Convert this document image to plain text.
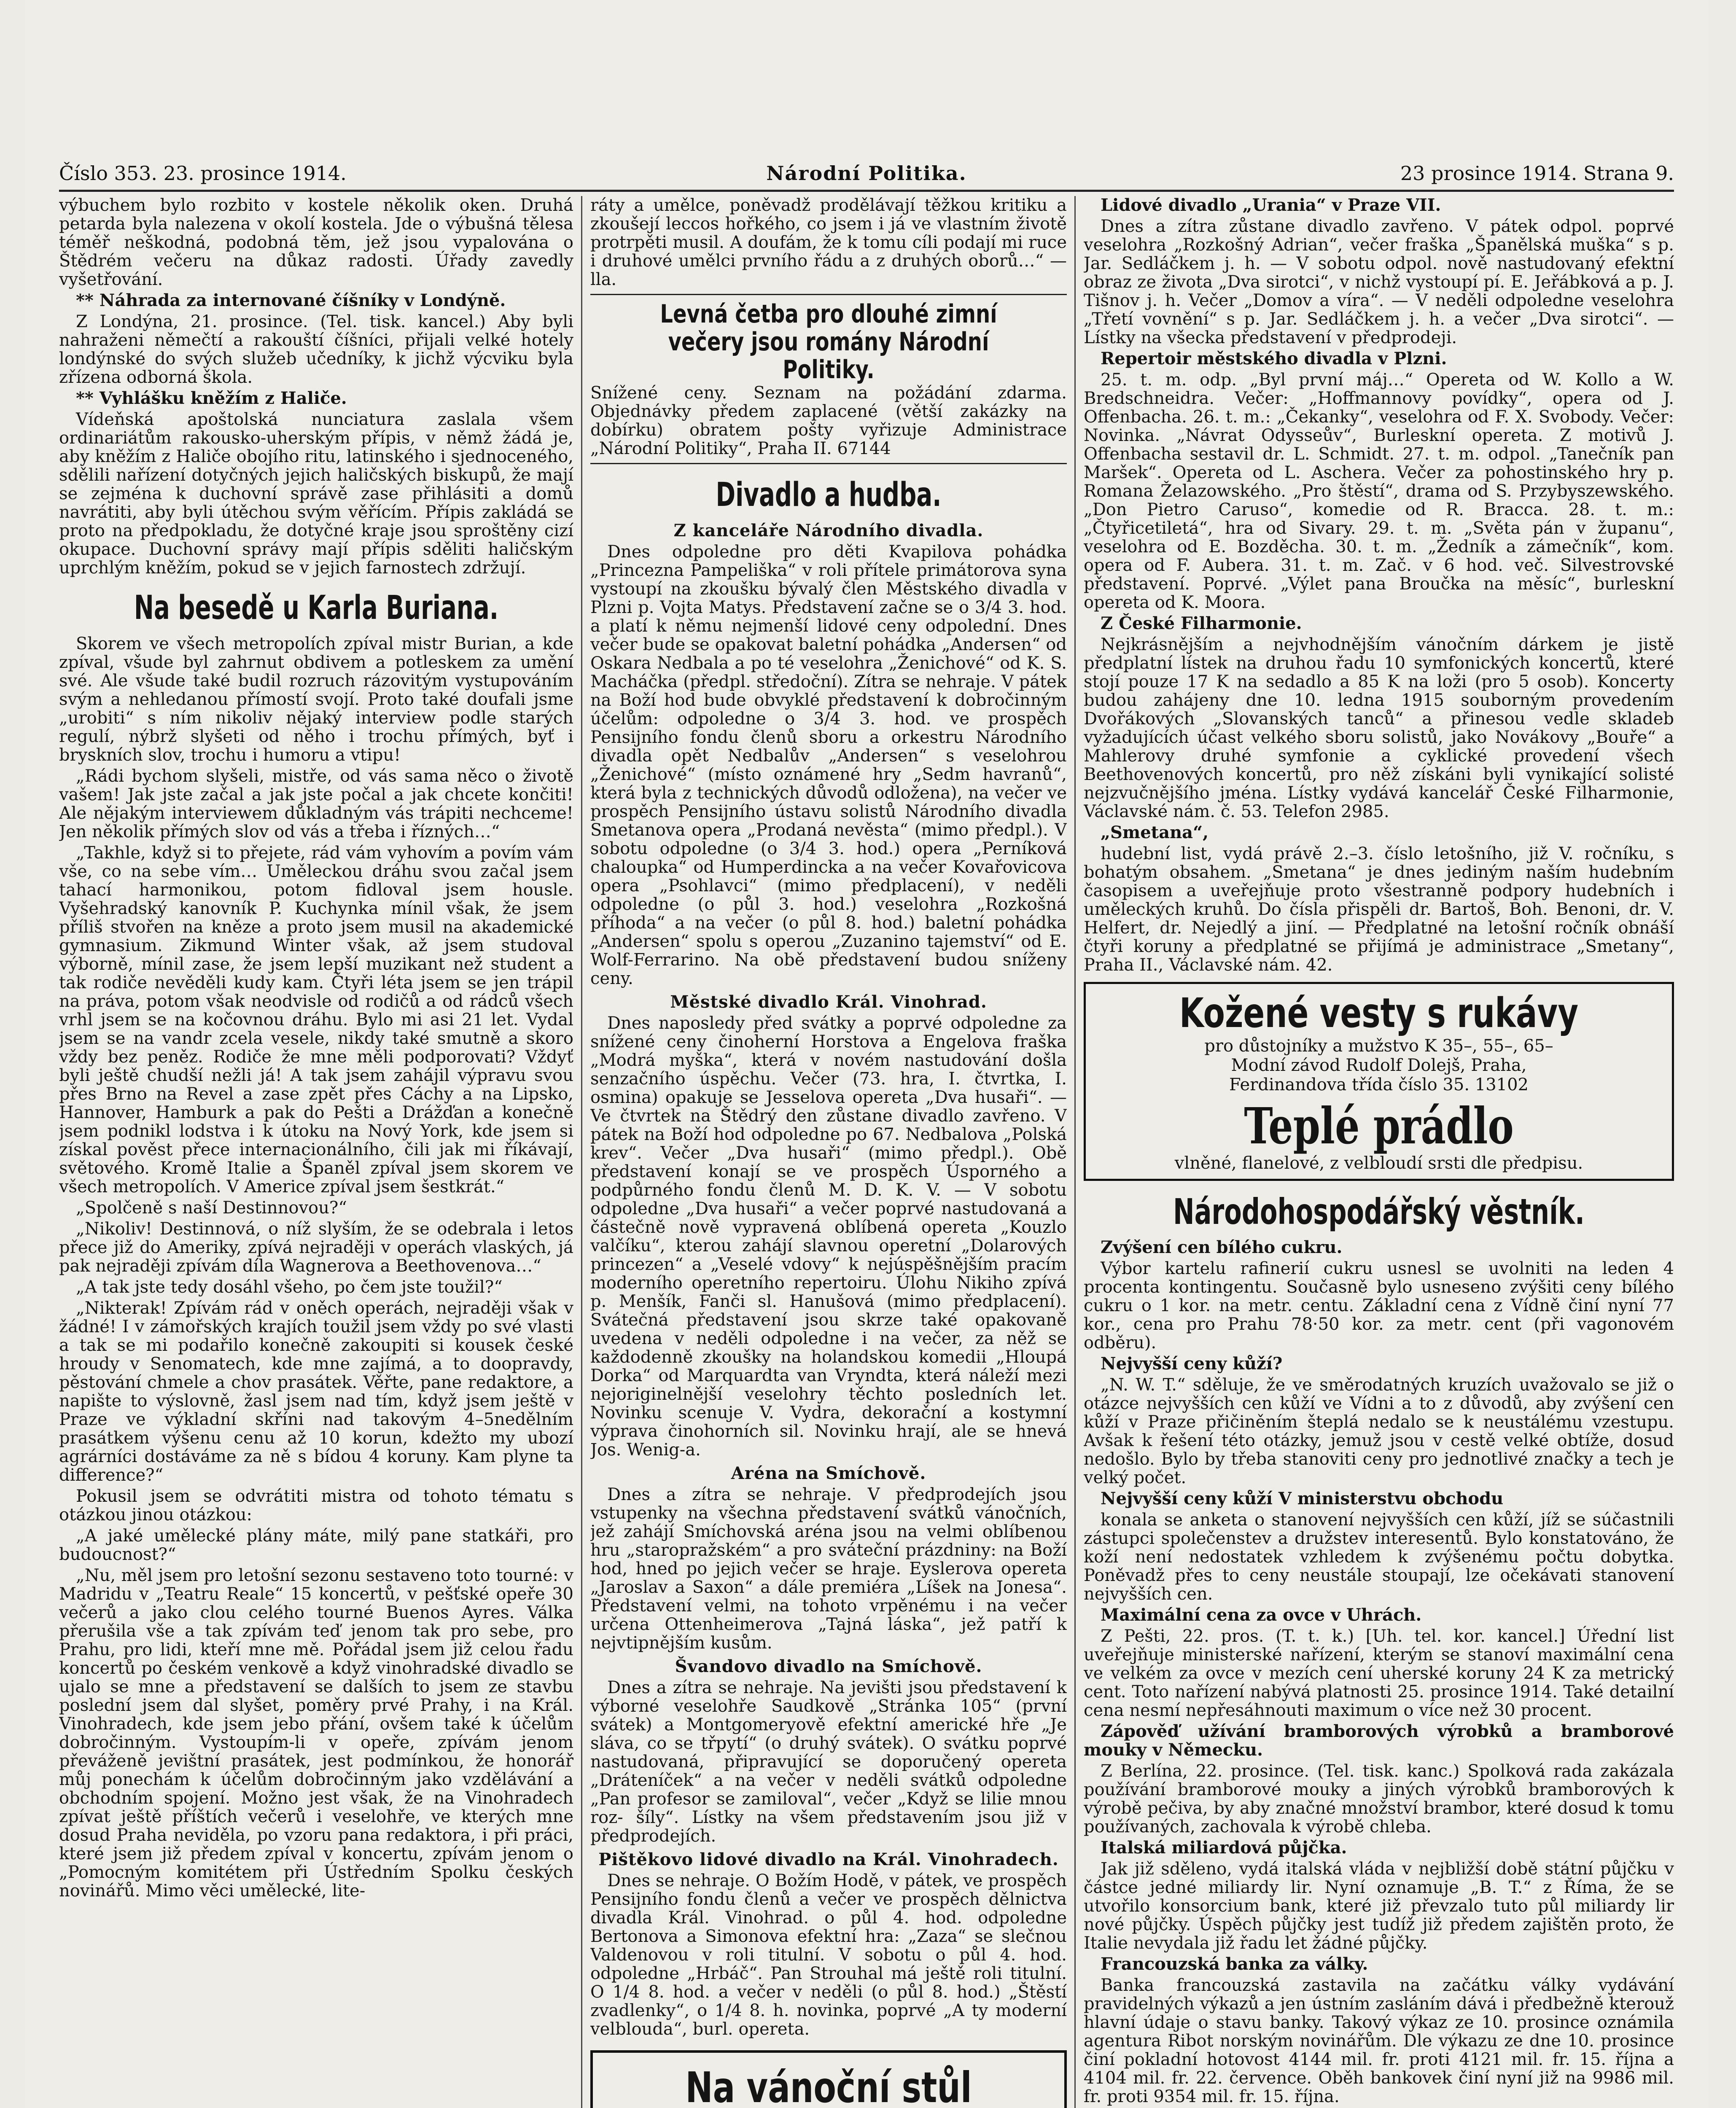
Číslo 353. 23. prosince 1914.	Národní Politika.	23 prosince 1914. Strana 9.

výbuchem bylo rozbito v kostele několik oken. Druhá petarda byla nalezena v okolí kostela. Jde o výbušná tělesa téměř neškodná, podobná těm, jež jsou vypalována o Štědrém večeru na důkaz radosti. Úřady zavedly vyšetřování.

** Náhrada za internované číšníky v Londýně.

Z Londýna, 21. prosince. (Tel. tisk. kancel.) Aby byli nahraženi němečtí a rakouští číšníci, přijali velké hotely londýnské do svých služeb učedníky, k jichž výcviku byla zřízena odborná škola.

** Vyhlášku kněžím z Haliče.

Vídeňská apoštolská nunciatura zaslala všem ordinariátům rakousko-uherským přípis, v němž žádá je, aby kněžím z Haliče obojího ritu, latinského i sjednoceného, sdělili nařízení dotyčných jejich haličských biskupů, že mají se zejména k duchovní správě zase přihlásiti a domů navrátiti, aby byli útěchou svým věřícím. Přípis zakládá se proto na předpokladu, že dotyčné kraje jsou sproštěny cizí okupace. Duchovní správy mají přípis sděliti haličským uprchlým kněžím, pokud se v jejich farnostech zdržují.

Na besedě u Karla Buriana.

Skorem ve všech metropolích zpíval mistr Burian, a kde zpíval, všude byl zahrnut obdivem a potleskem za umění své. Ale všude také budil rozruch rázovitým vystupováním svým a nehledanou přímostí svojí. Proto také doufali jsme „urobiti“ s ním nikoliv nějaký interview podle starých regulí, nýbrž slyšeti od něho i trochu přímých, byť i bryskních slov, trochu i humoru a vtipu!

„Rádi bychom slyšeli, mistře, od vás sama něco o životě vašem! Jak jste začal a jak jste počal a jak chcete končiti! Ale nějakým interviewem důkladným vás trápiti nechceme! Jen několik přímých slov od vás a třeba i řízných…“

„Takhle, když si to přejete, rád vám vyhovím a povím vám vše, co na sebe vím… Uměleckou dráhu svou začal jsem tahací harmonikou, potom fidloval jsem housle. Vyšehradský kanovník P. Kuchynka mínil však, že jsem příliš stvořen na kněze a proto jsem musil na akademické gymnasium. Zikmund Winter však, až jsem studoval výborně, mínil zase, že jsem lepší muzikant než student a tak rodiče nevěděli kudy kam. Čtyři léta jsem se jen trápil na práva, potom však neodvisle od rodičů a od rádců všech vrhl jsem se na kočovnou dráhu. Bylo mi asi 21 let. Vydal jsem se na vandr zcela vesele, nikdy také smutně a skoro vždy bez peněz. Rodiče že mne měli podporovati? Vždyť byli ještě chudší nežli já! A tak jsem zahájil výpravu svou přes Brno na Revel a zase zpět přes Cáchy a na Lipsko, Hannover, Hamburk a pak do Pešti a Drážďan a konečně jsem podnikl lodstva i k útoku na Nový York, kde jsem si získal pověst přece internacionálního, čili jak mi říkávají, světového. Kromě Italie a Španěl zpíval jsem skorem ve všech metropolích. V Americe zpíval jsem šestkrát.“

„Spolčeně s naší Destinnovou?“

„Nikoliv! Destinnová, o níž slyším, že se odebrala i letos přece již do Ameriky, zpívá nejraději v operách vlaských, já pak nejraději zpívám díla Wagnerova a Beethovenova…“

„A tak jste tedy dosáhl všeho, po čem jste toužil?“

„Nikterak! Zpívám rád v oněch operách, nejraději však v žádné! I v zámořských krajích toužil jsem vždy po své vlasti a tak se mi podařilo konečně zakoupiti si kousek české hroudy v Senomatech, kde mne zajímá, a to doopravdy, pěstování chmele a chov prasátek. Věřte, pane redaktore, a napište to výslovně, žasl jsem nad tím, když jsem ještě v Praze ve výkladní skříni nad takovým 4–5nedělním prasátkem výšenu cenu až 10 korun, kdežto my ubozí agrárníci dostáváme za ně s bídou 4 koruny. Kam plyne ta difference?“

Pokusil jsem se odvrátiti mistra od tohoto tématu s otázkou jinou otázkou:

„A jaké umělecké plány máte, milý pane statkáři, pro budoucnost?“

„Nu, měl jsem pro letošní sezonu sestaveno toto tourné: v Madridu v „Teatru Reale“ 15 koncertů, v pešťské opeře 30 večerů a jako clou celého tourné Buenos Ayres. Válka přerušila vše a tak zpívám teď jenom tak pro sebe, pro Prahu, pro lidi, kteří mne mě. Pořádal jsem již celou řadu koncertů po českém venkově a když vinohradské divadlo se ujalo se mne a představení se dalších to jsem ze stavbu poslední jsem dal slyšet, poměry prvé Prahy, i na Král. Vinohradech, kde jsem jebo přání, ovšem také k účelům dobročinným. Vystoupím-li v opeře, zpívám jenom převáženě jevištní prasátek, jest podmínkou, že honorář můj ponechám k účelům dobročinným jako vzdělávání a obchodním spojení. Možno jest však, že na Vinohradech zpívat ještě příštích večerů i veselohře, ve kterých mne dosud Praha neviděla, po vzoru pana redaktora, i při práci, které jsem již předem zpíval v koncertu, zpívám jenom o „Pomocným komitétem při Ústředním Spolku českých novinářů. Mimo věci umělecké, lite-

ráty a umělce, poněvadž prodělávají těžkou kritiku a zkoušejí leccos hořkého, co jsem i já ve vlastním životě protrpěti musil. A doufám, že k tomu cíli podají mi ruce i druhové umělci prvního řádu a z druhých oborů…“ —lla.

Levná četba pro dlouhé zimní večery jsou romány Národní Politiky.

Snížené ceny. Seznam na požádání zdarma. Objednávky předem zaplacené (větší zakázky na dobírku) obratem pošty vyřizuje Administrace „Národní Politiky“, Praha II. 67144

Divadlo a hudba.
Z kanceláře Národního divadla.

Dnes odpoledne pro děti Kvapilova pohádka „Princezna Pampeliška“ v roli přítele primátorova syna vystoupí na zkoušku bývalý člen Městského divadla v Plzni p. Vojta Matys. Představení začne se o 3/4 3. hod. a platí k němu nejmenší lidové ceny odpolední. Dnes večer bude se opakovat baletní pohádka „Andersen“ od Oskara Nedbala a po té veselohra „Ženichové“ od K. S. Macháčka (předpl. středoční). Zítra se nehraje. V pátek na Boží hod bude obvyklé představení k dobročinným účelům: odpoledne o 3/4 3. hod. ve prospěch Pensijního fondu členů sboru a orkestru Národního divadla opět Nedbalův „Andersen“ s veselohrou „Ženichové“ (místo oznámené hry „Sedm havranů“, která byla z technických důvodů odložena), na večer ve prospěch Pensijního ústavu solistů Národního divadla Smetanova opera „Prodaná nevěsta“ (mimo předpl.). V sobotu odpoledne (o 3/4 3. hod.) opera „Perníková chaloupka“ od Humperdincka a na večer Kovařovicova opera „Psohlavci“ (mimo předplacení), v neděli odpoledne (o půl 3. hod.) veselohra „Rozkošná příhoda“ a na večer (o půl 8. hod.) baletní pohádka „Andersen“ spolu s operou „Zuzanino tajemství“ od E. Wolf-Ferrarino. Na obě představení budou sníženy ceny.

Městské divadlo Král. Vinohrad.

Dnes naposledy před svátky a poprvé odpoledne za snížené ceny činoherní Horstova a Engelova fraška „Modrá myška“, která v novém nastudování došla senzačního úspěchu. Večer (73. hra, I. čtvrtka, I. osmina) opakuje se Jesselova opereta „Dva husaři“. — Ve čtvrtek na Štědrý den zůstane divadlo zavřeno. V pátek na Boží hod odpoledne po 67. Nedbalova „Polská krev“. Večer „Dva husaři“ (mimo předpl.). Obě představení konají se ve prospěch Úsporného a podpůrného fondu členů M. D. K. V. — V sobotu odpoledne „Dva husaři“ a večer poprvé nastudovaná a částečně nově vypravená oblíbená opereta „Kouzlo valčíku“, kterou zahájí slavnou operetní „Dolarových princezen“ a „Veselé vdovy“ k nejúspěšnějším pracím moderního operetního repertoiru. Úlohu Nikiho zpívá p. Menšík, Fanči sl. Hanušová (mimo předplacení). Svátečná představení jsou skrze také opakovaně uvedena v neděli odpoledne i na večer, za něž se každodenně zkoušky na holandskou komedii „Hloupá Dorka“ od Marquardta van Vryndta, která náleží mezi nejoriginelnější veselohry těchto posledních let. Novinku scenuje V. Vydra, dekorační a kostymní výprava činohorních sil. Novinku hrají, ale se hnevá Jos. Wenig-a.

Aréna na Smíchově.

Dnes a zítra se nehraje. V předprodejích jsou vstupenky na všechna představení svátků vánočních, jež zahájí Smíchovská aréna jsou na velmi oblíbenou hru „staropražském“ a pro sváteční prázdniny: na Boží hod, hned po jejich večer se hraje. Eyslerova opereta „Jaroslav a Saxon“ a dále premiéra „Líšek na Jonesa“. Představení velmi, na tohoto vrpěnému i na večer určena Ottenheimerova „Tajná láska“, jež patří k nejvtipnějším kusům.

Švandovo divadlo na Smíchově.

Dnes a zítra se nehraje. Na jevišti jsou představení k výborné veselohře Saudkově „Stránka 105“ (první svátek) a Montgomeryově efektní americké hře „Je sláva, co se třpytí“ (o druhý svátek). O svátku poprvé nastudovaná, připravující se doporučený opereta „Dráteníček“ a na večer v neděli svátků odpoledne „Pan profesor se zamiloval“, večer „Když se lilie mnou roz- šíly“. Lístky na všem představením jsou již v předprodejích.

Pištěkovo lidové divadlo na Král. Vinohradech.

Dnes se nehraje. O Božím Hodě, v pátek, ve prospěch Pensijního fondu členů a večer ve prospěch dělnictva divadla Král. Vinohrad. o půl 4. hod. odpoledne Bertonova a Simonova efektní hra: „Zaza“ se slečnou Valdenovou v roli titulní. V sobotu o půl 4. hod. odpoledne „Hrbáč“. Pan Strouhal má ještě roli titulní. O 1/4 8. hod. a večer v neděli (o půl 8. hod.) „Štěstí zvadlenky“, o 1/4 8. h. novinka, poprvé „A ty moderní velblouda“, burl. opereta.

Na vánoční stůl

Lidové divadlo „Urania“ v Praze VII.

Dnes a zítra zůstane divadlo zavřeno. V pátek odpol. poprvé veselohra „Rozkošný Adrian“, večer fraška „Španělská muška“ s p. Jar. Sedláčkem j. h. — V sobotu odpol. nově nastudovaný efektní obraz ze života „Dva sirotci“, v nichž vystoupí pí. E. Jeřábková a p. J. Tišnov j. h. Večer „Domov a víra“. — V neděli odpoledne veselohra „Třetí vovnění“ s p. Jar. Sedláčkem j. h. a večer „Dva sirotci“. — Lístky na všecka představení v předprodeji.

Repertoir městského divadla v Plzni.

25. t. m. odp. „Byl první máj…“ Opereta od W. Kollo a W. Bredschneidra. Večer: „Hoffmannovy povídky“, opera od J. Offenbacha. 26. t. m.: „Čekanky“, veselohra od F. X. Svobody. Večer: Novinka. „Návrat Odysseův“, Burleskní opereta. Z motivů J. Offenbacha sestavil dr. L. Schmidt. 27. t. m. odpol. „Tanečník pan Maršek“. Opereta od L. Aschera. Večer za pohostinského hry p. Romana Želazowského. „Pro štěstí“, drama od S. Przybyszewského. „Don Pietro Caruso“, komedie od R. Bracca. 28. t. m.: „Čtyřicetiletá“, hra od Sivary. 29. t. m. „Světa pán v županu“, veselohra od E. Bozděcha. 30. t. m. „Žedník a zámečník“, kom. opera od F. Aubera. 31. t. m. Zač. v 6 hod. več. Silvestrovské představení. Poprvé. „Výlet pana Broučka na měsíc“, burleskní opereta od K. Moora.

Z České Filharmonie.

Nejkrásnějším a nejvhodnějším vánočním dárkem je jistě předplatní lístek na druhou řadu 10 symfonických koncertů, které stojí pouze 17 K na sedadlo a 85 K na loži (pro 5 osob). Koncerty budou zahájeny dne 10. ledna 1915 souborným provedením Dvořákových „Slovanských tanců“ a přinesou vedle skladeb vyžadujících účast velkého sboru solistů, jako Novákovy „Bouře“ a Mahlerovy druhé symfonie a cyklické provedení všech Beethovenových koncertů, pro něž získáni byli vynikající solisté nejzvučnějšího jména. Lístky vydává kancelář České Filharmonie, Václavské nám. č. 53. Telefon 2985.

„Smetana“,

hudební list, vydá právě 2.–3. číslo letošního, již V. ročníku, s bohatým obsahem. „Smetana“ je dnes jediným naším hudebním časopisem a uveřejňuje proto všestranně podpory hudebních i uměleckých kruhů. Do čísla přispěli dr. Bartoš, Boh. Benoni, dr. V. Helfert, dr. Nejedlý a jiní. — Předplatné na letošní ročník obnáší čtyři koruny a předplatné se přijímá je administrace „Smetany“, Praha II., Václavské nám. 42.

Kožené vesty s rukávy
pro důstojníky a mužstvo K 35–, 55–, 65–
Modní závod Rudolf Dolejš, Praha,
Ferdinandova třída číslo 35. 13102
Teplé prádlo
vlněné, flanelové, z velbloudí srsti dle předpisu.
Národohospodářský věstník.

Zvýšení cen bílého cukru.

Výbor kartelu rafinerií cukru usnesl se uvolniti na leden 4 procenta kontingentu. Současně bylo usneseno zvýšiti ceny bílého cukru o 1 kor. na metr. centu. Základní cena z Vídně činí nyní 77 kor., cena pro Prahu 78·50 kor. za metr. cent (při vagonovém odběru).

Nejvyšší ceny kůží?

„N. W. T.“ sděluje, že ve směrodatných kruzích uvažovalo se již o otázce nejvyšších cen kůží ve Vídni a to z důvodů, aby zvýšení cen kůží v Praze přičiněním šteplá nedalo se k neustálému vzestupu. Avšak k řešení této otázky, jemuž jsou v cestě velké obtíže, dosud nedošlo. Bylo by třeba stanoviti ceny pro jednotlivé značky a tech je velký počet.

Nejvyšší ceny kůží V ministerstvu obchodu

konala se anketa o stanovení nejvyšších cen kůží, jíž se súčastnili zástupci společenstev a družstev interesentů. Bylo konstatováno, že koží není nedostatek vzhledem k zvýšenému počtu dobytka. Poněvadž přes to ceny neustále stoupají, lze očekávati stanovení nejvyšších cen.

Maximální cena za ovce v Uhrách.

Z Pešti, 22. pros. (T. t. k.) [Uh. tel. kor. kancel.] Úřední list uveřejňuje ministerské nařízení, kterým se stanoví maximální cena ve velkém za ovce v mezích cení uherské koruny 24 K za metrický cent. Toto nařízení nabývá platnosti 25. prosince 1914. Také detailní cena nesmí nepřesáhnouti maximum o více než 30 procent.

Zápověď užívání bramborových výrobků a bramborové mouky v Německu.

Z Berlína, 22. prosince. (Tel. tisk. kanc.) Spolková rada zakázala používání bramborové mouky a jiných výrobků bramborových k výrobě pečiva, by aby značné množství brambor, které dosud k tomu používaných, zachovala k výrobě chleba.

Italská miliardová půjčka.

Jak již sděleno, vydá italská vláda v nejbližší době státní půjčku v částce jedné miliardy lir. Nyní oznamuje „B. T.“ z Říma, že se utvořilo konsorcium bank, které již převzalo tuto půl miliardy lir nové půjčky. Úspěch půjčky jest tudíž již předem zajištěn proto, že Italie nevydala již řadu let žádné půjčky.

Francouzská banka za války.

Banka francouzská zastavila na začátku války vydávání pravidelných výkazů a jen ústním zasláním dává i předbežně kterouž hlavní údaje o stavu banky. Takový výkaz ze 10. prosince oznámila agentura Ribot norským novinářům. Dle výkazu ze dne 10. prosince činí pokladní hotovost 4144 mil. fr. proti 4121 mil. fr. 15. října a 4104 mil. fr. 22. července. Oběh bankovek činí nyní již na 9986 mil. fr. proti 9354 mil. fr. 15. října.
